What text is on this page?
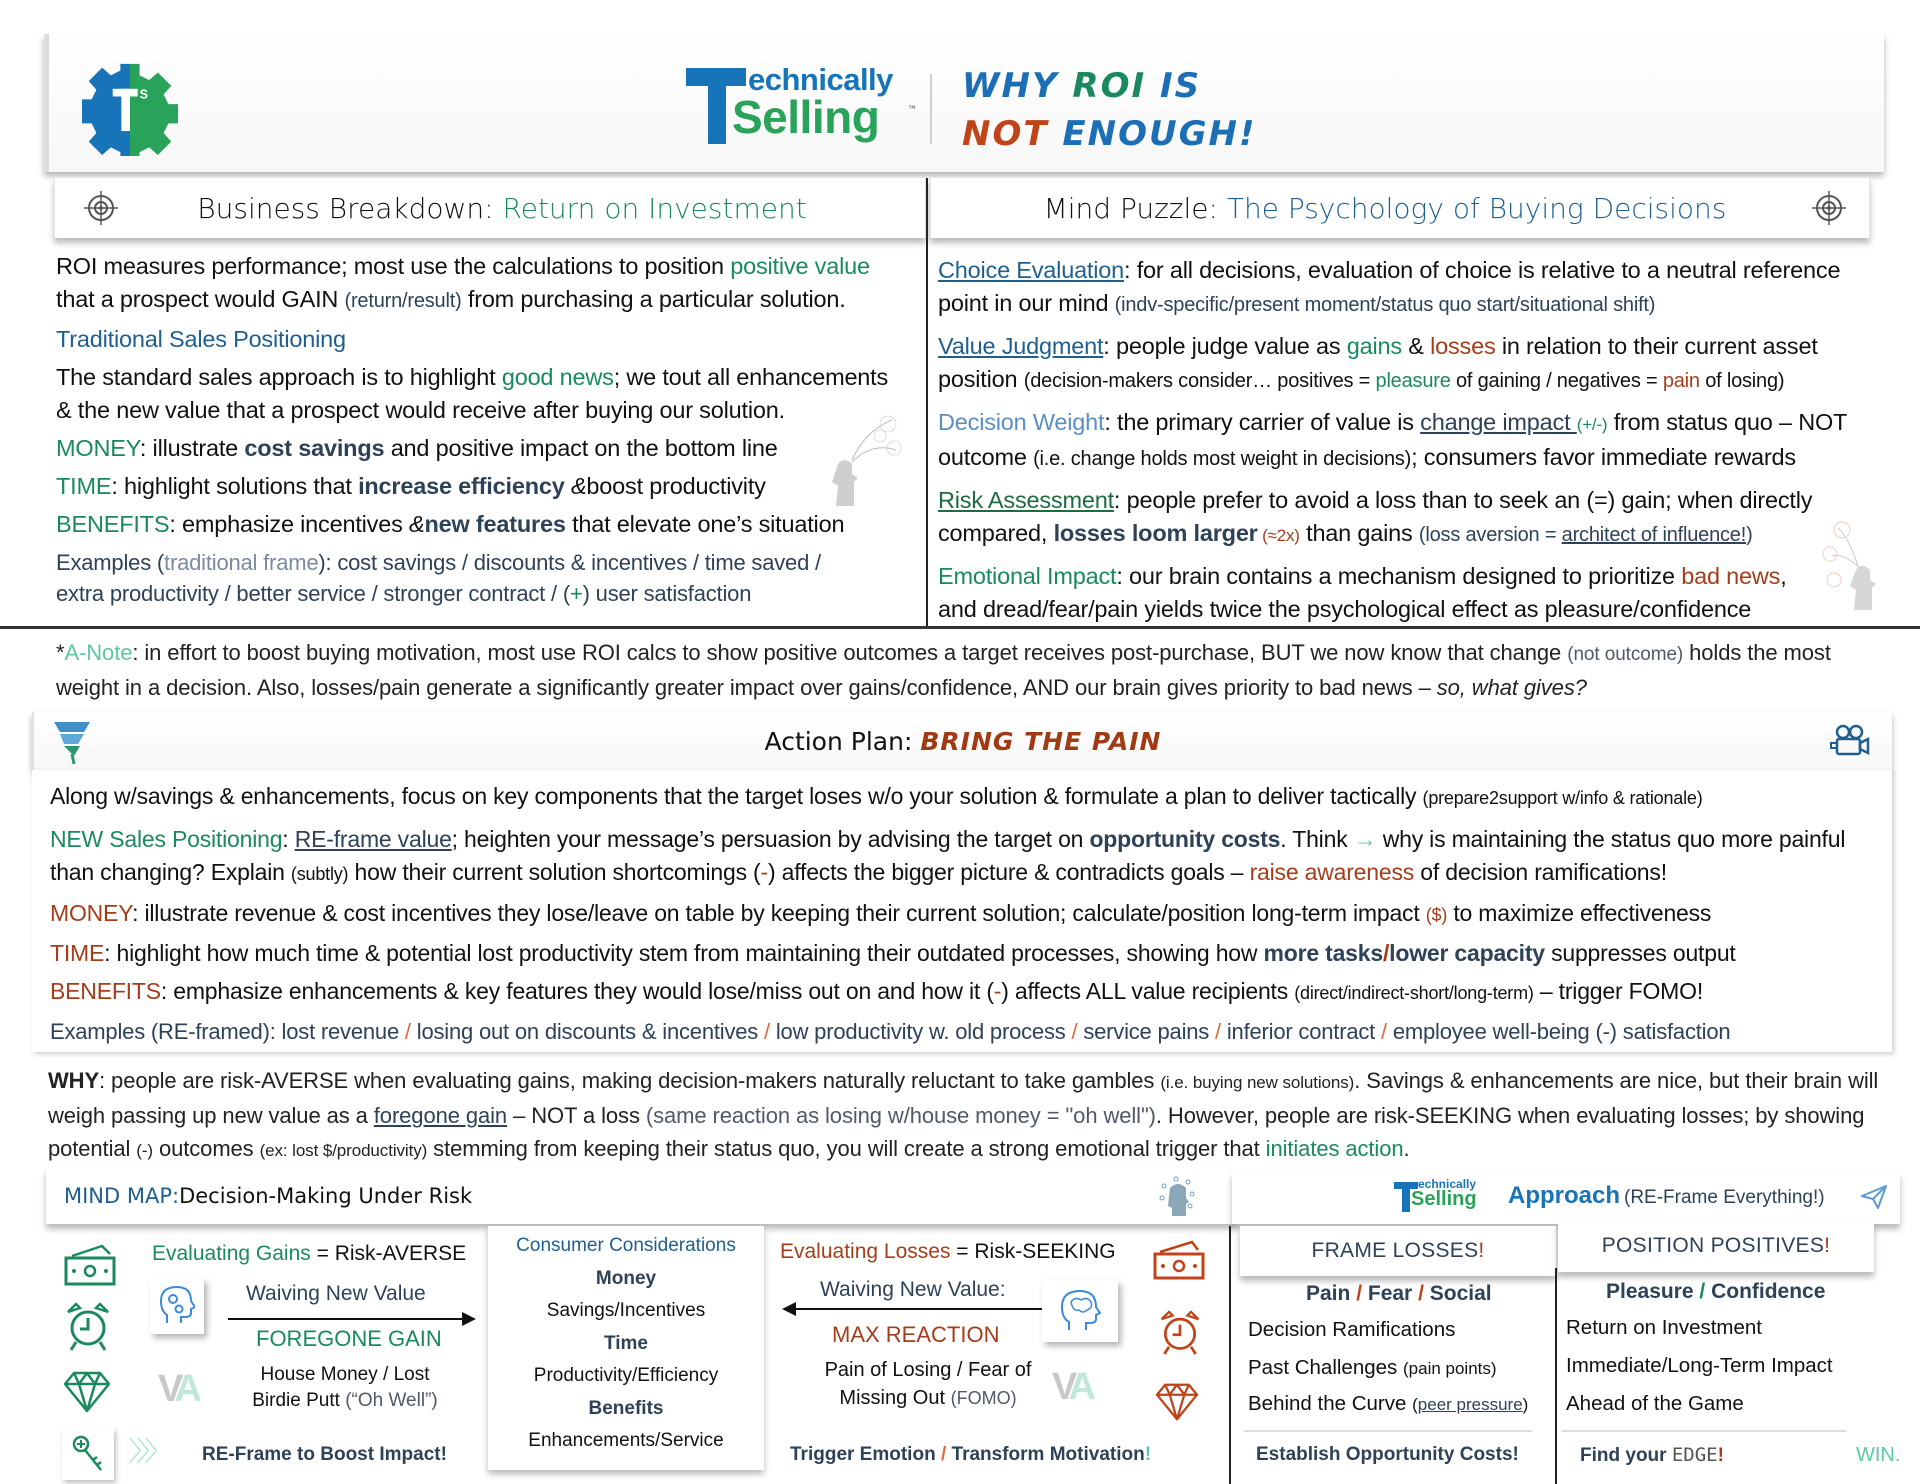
S	echnically
Selling	™
WHY ROI IS
NOT ENOUGH!
Business Breakdown: Return on Investment	Mind Puzzle: The Psychology of Buying Decisions

ROI measures performance; most use the calculations to position positive value
that a prospect would GAIN (return/result) from purchasing a particular solution.

Traditional Sales Positioning

The standard sales approach is to highlight good news; we tout all enhancements
& the new value that a prospect would receive after buying our solution.

MONEY: illustrate cost savings and positive impact on the bottom line

TIME: highlight solutions that increase efficiency &boost productivity

BENEFITS: emphasize incentives &new features that elevate one’s situation

Examples (traditional frame): cost savings / discounts & incentives / time saved /
extra productivity / better service / stronger contract / (+) user satisfaction

Choice Evaluation: for all decisions, evaluation of choice is relative to a neutral reference
point in our mind (indv-specific/present moment/status quo start/situational shift)

Value Judgment: people judge value as gains & losses in relation to their current asset
position (decision-makers consider… positives = pleasure of gaining / negatives = pain of losing)

Decision Weight: the primary carrier of value is change impact (+/-) from status quo – NOT
outcome (i.e. change holds most weight in decisions); consumers favor immediate rewards

Risk Assessment: people prefer to avoid a loss than to seek an (=) gain; when directly
compared, losses loom larger (≈2x) than gains (loss aversion = architect of influence!)

Emotional Impact: our brain contains a mechanism designed to prioritize bad news,
and dread/fear/pain yields twice the psychological effect as pleasure/confidence

*A-Note: in effort to boost buying motivation, most use ROI calcs to show positive outcomes a target receives post-purchase, BUT we now know that change (not outcome) holds the most weight in a decision. Also, losses/pain generate a significantly greater impact over gains/confidence, AND our brain gives priority to bad news – so, what gives?
Action Plan:
BRING THE PAIN

Along w/savings & enhancements, focus on key components that the target loses w/o your solution & formulate a plan to deliver tactically (prepare2support w/info & rationale)

NEW Sales Positioning: RE-frame value; heighten your message’s persuasion by advising the target on opportunity costs. Think → why is maintaining the status quo more painful than changing? Explain (subtly) how their current solution shortcomings (-) affects the bigger picture & contradicts goals – raise awareness of decision ramifications!

MONEY: illustrate revenue & cost incentives they lose/leave on table by keeping their current solution; calculate/position long-term impact ($) to maximize effectiveness

TIME: highlight how much time & potential lost productivity stem from maintaining their outdated processes, showing how more tasks/lower capacity suppresses output

BENEFITS: emphasize enhancements & key features they would lose/miss out on and how it (-) affects ALL value recipients (direct/indirect-short/long-term) – trigger FOMO!

Examples (RE-framed): lost revenue / losing out on discounts & incentives / low productivity w. old process / service pains / inferior contract / employee well-being (-) satisfaction

WHY: people are risk-AVERSE when evaluating gains, making decision-makers naturally reluctant to take gambles (i.e. buying new solutions). Savings & enhancements are nice, but their brain will weigh passing up new value as a foregone gain – NOT a loss (same reaction as losing w/house money = "oh well"). However, people are risk-SEEKING when evaluating losses; by showing potential (-) outcomes (ex: lost $/productivity) stemming from keeping their status quo, you will create a strong emotional trigger that initiates action.
MIND MAP: Decision-Making Under Risk	echnically
Selling Approach (RE-Frame Everything!)
〉〉〉
Evaluating Gains = Risk-AVERSE
Waiving New Value
FOREGONE GAIN
VA	House Money / Lost
Birdie Putt (“Oh Well”)
RE-Frame to Boost Impact!
Consumer Considerations
Money
Savings/Incentives
Time
Productivity/Efficiency
Benefits
Enhancements/Service
Evaluating Losses = Risk-SEEKING
Waiving New Value:
MAX REACTION
Pain of Losing / Fear of
Missing Out (FOMO) VA
Trigger Emotion / Transform Motivation!
FRAME LOSSES!	POSITION POSITIVES!
Pain / Fear / Social
Decision Ramifications
Past Challenges (pain points)
Behind the Curve (peer pressure)
Establish Opportunity Costs!
Pleasure / Confidence
Return on Investment
Immediate/Long-Term Impact
Ahead of the Game
Find your EDGE!	WIN.
